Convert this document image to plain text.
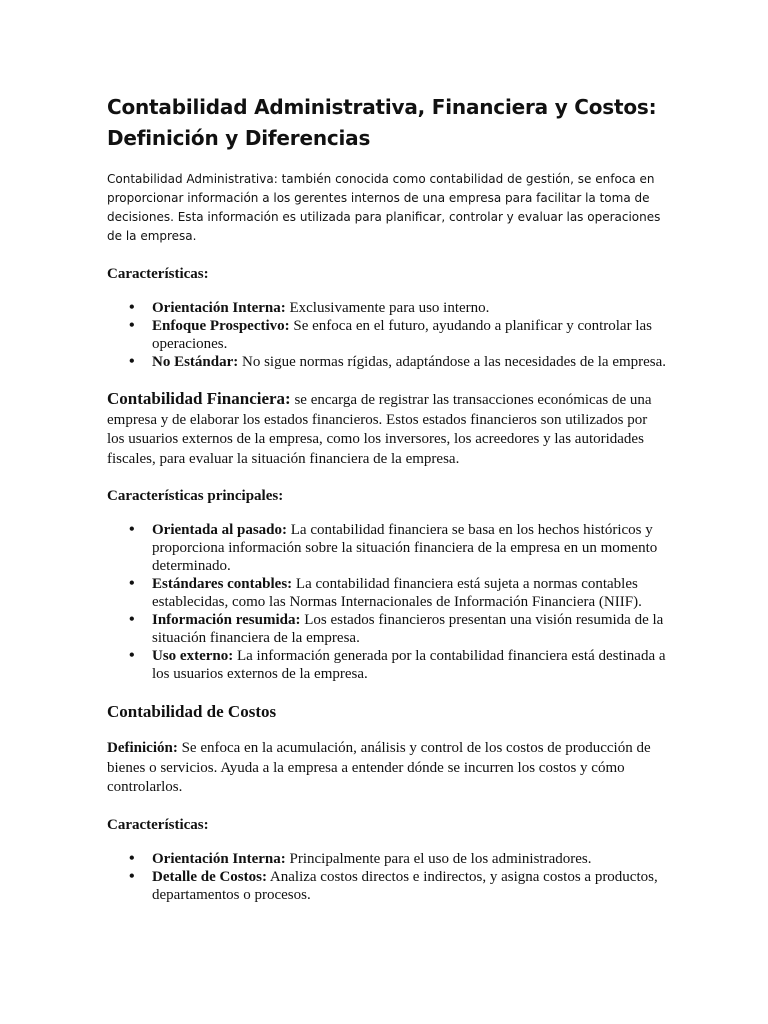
Contabilidad Administrativa, Financiera y Costos: Definición y Diferencias

Contabilidad Administrativa: también conocida como contabilidad de gestión, se enfoca en proporcionar información a los gerentes internos de una empresa para facilitar la toma de decisiones. Esta información es utilizada para planificar, controlar y evaluar las operaciones de la empresa.

Características:

• Orientación Interna: Exclusivamente para uso interno.
• Enfoque Prospectivo: Se enfoca en el futuro, ayudando a planificar y controlar las operaciones.
• No Estándar: No sigue normas rígidas, adaptándose a las necesidades de la empresa.

Contabilidad Financiera: se encarga de registrar las transacciones económicas de una empresa y de elaborar los estados financieros. Estos estados financieros son utilizados por los usuarios externos de la empresa, como los inversores, los acreedores y las autoridades fiscales, para evaluar la situación financiera de la empresa.

Características principales:

• Orientada al pasado: La contabilidad financiera se basa en los hechos históricos y proporciona información sobre la situación financiera de la empresa en un momento determinado.
• Estándares contables: La contabilidad financiera está sujeta a normas contables establecidas, como las Normas Internacionales de Información Financiera (NIIF).
• Información resumida: Los estados financieros presentan una visión resumida de la situación financiera de la empresa.
• Uso externo: La información generada por la contabilidad financiera está destinada a los usuarios externos de la empresa.
Contabilidad de Costos

Definición: Se enfoca en la acumulación, análisis y control de los costos de producción de bienes o servicios. Ayuda a la empresa a entender dónde se incurren los costos y cómo controlarlos.

Características:

• Orientación Interna: Principalmente para el uso de los administradores.
• Detalle de Costos: Analiza costos directos e indirectos, y asigna costos a productos, departamentos o procesos.
